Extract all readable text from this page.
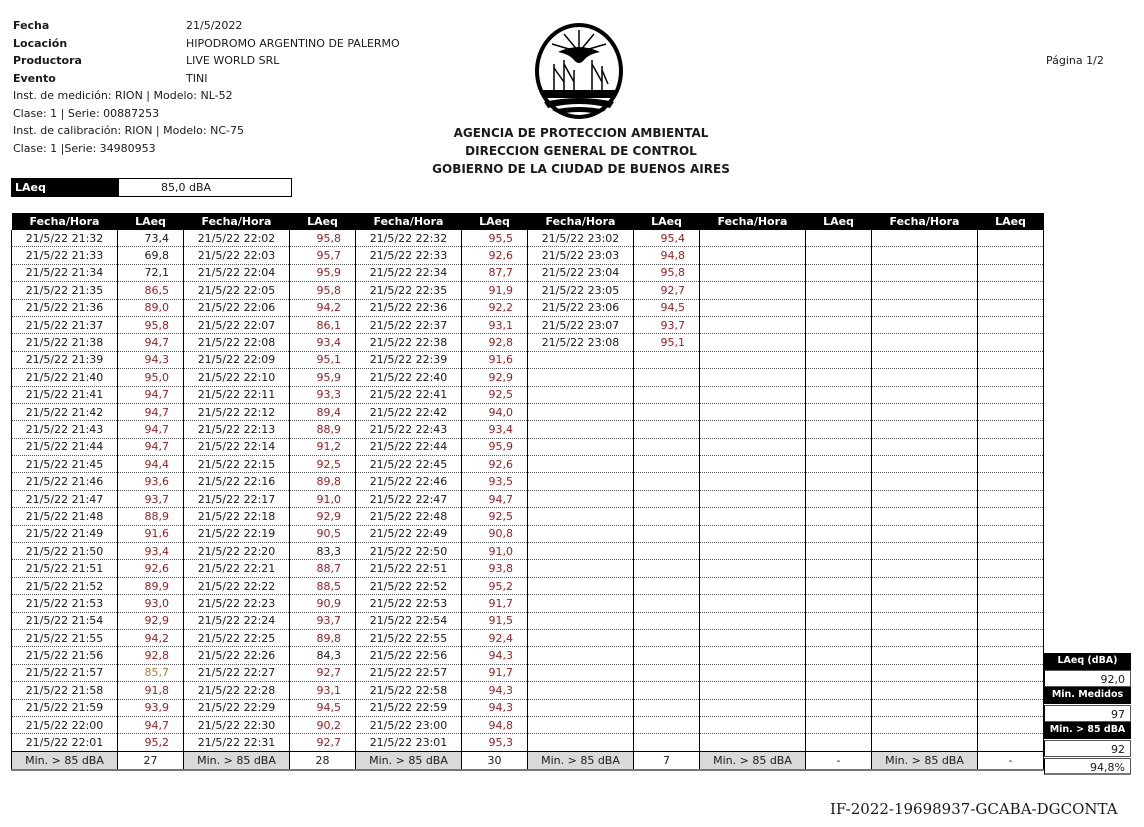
Fecha	21/5/2022
Locación	HIPODROMO ARGENTINO DE PALERMO
Productora	LIVE WORLD SRL
Evento	TINI
Inst. de medición: RION | Modelo: NL-52
Clase: 1 | Serie: 00887253
Inst. de calibración: RION | Modelo: NC-75
Clase: 1 |Serie: 34980953
LAeq "mangrullo"
85,0 dBA
AGENCIA DE PROTECCION AMBIENTAL
DIRECCION GENERAL DE CONTROL
GOBIERNO DE LA CIUDAD DE BUENOS AIRES
Página 1/2
Fecha/Hora	LAeq	Fecha/Hora	LAeq	Fecha/Hora	LAeq	Fecha/Hora	LAeq	Fecha/Hora	LAeq	Fecha/Hora	LAeq
21/5/22 21:32	73,4	21/5/22 22:02	95,8	21/5/22 22:32	95,5	21/5/22 23:02	95,4				
21/5/22 21:33	69,8	21/5/22 22:03	95,7	21/5/22 22:33	92,6	21/5/22 23:03	94,8				
21/5/22 21:34	72,1	21/5/22 22:04	95,9	21/5/22 22:34	87,7	21/5/22 23:04	95,8				
21/5/22 21:35	86,5	21/5/22 22:05	95,8	21/5/22 22:35	91,9	21/5/22 23:05	92,7				
21/5/22 21:36	89,0	21/5/22 22:06	94,2	21/5/22 22:36	92,2	21/5/22 23:06	94,5				
21/5/22 21:37	95,8	21/5/22 22:07	86,1	21/5/22 22:37	93,1	21/5/22 23:07	93,7				
21/5/22 21:38	94,7	21/5/22 22:08	93,4	21/5/22 22:38	92,8	21/5/22 23:08	95,1				
21/5/22 21:39	94,3	21/5/22 22:09	95,1	21/5/22 22:39	91,6						
21/5/22 21:40	95,0	21/5/22 22:10	95,9	21/5/22 22:40	92,9						
21/5/22 21:41	94,7	21/5/22 22:11	93,3	21/5/22 22:41	92,5						
21/5/22 21:42	94,7	21/5/22 22:12	89,4	21/5/22 22:42	94,0						
21/5/22 21:43	94,7	21/5/22 22:13	88,9	21/5/22 22:43	93,4						
21/5/22 21:44	94,7	21/5/22 22:14	91,2	21/5/22 22:44	95,9						
21/5/22 21:45	94,4	21/5/22 22:15	92,5	21/5/22 22:45	92,6						
21/5/22 21:46	93,6	21/5/22 22:16	89,8	21/5/22 22:46	93,5						
21/5/22 21:47	93,7	21/5/22 22:17	91,0	21/5/22 22:47	94,7						
21/5/22 21:48	88,9	21/5/22 22:18	92,9	21/5/22 22:48	92,5						
21/5/22 21:49	91,6	21/5/22 22:19	90,5	21/5/22 22:49	90,8						
21/5/22 21:50	93,4	21/5/22 22:20	83,3	21/5/22 22:50	91,0						
21/5/22 21:51	92,6	21/5/22 22:21	88,7	21/5/22 22:51	93,8						
21/5/22 21:52	89,9	21/5/22 22:22	88,5	21/5/22 22:52	95,2						
21/5/22 21:53	93,0	21/5/22 22:23	90,9	21/5/22 22:53	91,7						
21/5/22 21:54	92,9	21/5/22 22:24	93,7	21/5/22 22:54	91,5						
21/5/22 21:55	94,2	21/5/22 22:25	89,8	21/5/22 22:55	92,4						
21/5/22 21:56	92,8	21/5/22 22:26	84,3	21/5/22 22:56	94,3						
21/5/22 21:57	85,7	21/5/22 22:27	92,7	21/5/22 22:57	91,7						
21/5/22 21:58	91,8	21/5/22 22:28	93,1	21/5/22 22:58	94,3						
21/5/22 21:59	93,9	21/5/22 22:29	94,5	21/5/22 22:59	94,3						
21/5/22 22:00	94,7	21/5/22 22:30	90,2	21/5/22 23:00	94,8						
21/5/22 22:01	95,2	21/5/22 22:31	92,7	21/5/22 23:01	95,3						
Min. > 85 dBA	27	Min. > 85 dBA	28	Min. > 85 dBA	30	Min. > 85 dBA	7	Min. > 85 dBA	-	Min. > 85 dBA	-
LAeq (dBA)
92,0
Min. Medidos
97
Min. > 85 dBA
92
94,8%
IF-2022-19698937-GCABA-DGCONTA
